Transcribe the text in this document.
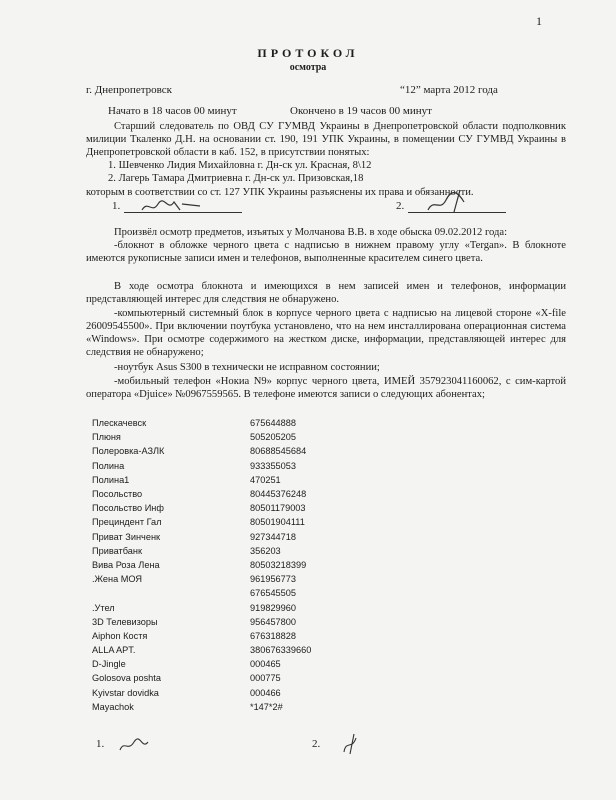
1
ПРОТОКОЛ
осмотра
г. Днепропетровск	“12” марта 2012 года
Начато в 18 часов 00 минут	Окончено в 19 часов 00 минут
Старший следователь по ОВД СУ ГУМВД Украины в Днепропетровской области подполковник милиции Ткаленко Д.Н. на основании ст. 190, 191 УПК Украины, в помещении СУ ГУМВД Украины в Днепропетровской области в каб. 152, в присутствии понятых:
1. Шевченко Лидия Михайловна г. Дн-ск ул. Красная, 8\12
2. Лагерь Тамара Дмитриевна г. Дн-ск ул. Призовская,18
которым в соответствии со ст. 127 УПК Украины разъяснены их права и обязанности.
1.	2.
Произвёл осмотр предметов, изъятых у Молчанова В.В. в ходе обыска 09.02.2012 года:
-блокнот в обложке черного цвета с надписью в нижнем правому углу «Tergan». В блокноте имеются рукописные записи имен и телефонов, выполненные красителем синего цвета.
В ходе осмотра блокнота и имеющихся в нем записей имен и телефонов, информации представляющей интерес для следствия не обнаружено.
-компьютерный системный блок в корпусе черного цвета с надписью на лицевой стороне «X-file 26009545500». При включении поутбука установлено, что на нем инсталлирована операционная система «Windows». При осмотре содержимого на жестком диске, информации, представляющей интерес для следствия не обнаружено;
-ноутбук Asus S300 в технически не исправном состоянии;
-мобильный телефон «Нокиа N9» корпус черного цвета, ИМЕЙ 357923041160062, с сим-картой оператора «Djuice» №0967559565. В телефоне имеются записи о следующих абонентах;
Плескачевск	675644888
Плюня	505205205
Полеровка-АЗЛК	80688545684
Полина	933355053
Полина1	470251
Посольство	80445376248
Посольство Инф	80501179003
Прециндент Гал	80501904111
Приват Зинченк	927344718
Приватбанк	356203
Вива Роза Лена	80503218399
.Жена МОЯ	961956773
	676545505
.Утел	919829960
3D Телевизоры	956457800
Aiphon Костя	676318828
ALLA APT.	380676339660
D-Jingle	000465
Golosova poshta	000775
Kyivstar dovidka	000466
Mayachok	*147*2#
1.	2.
